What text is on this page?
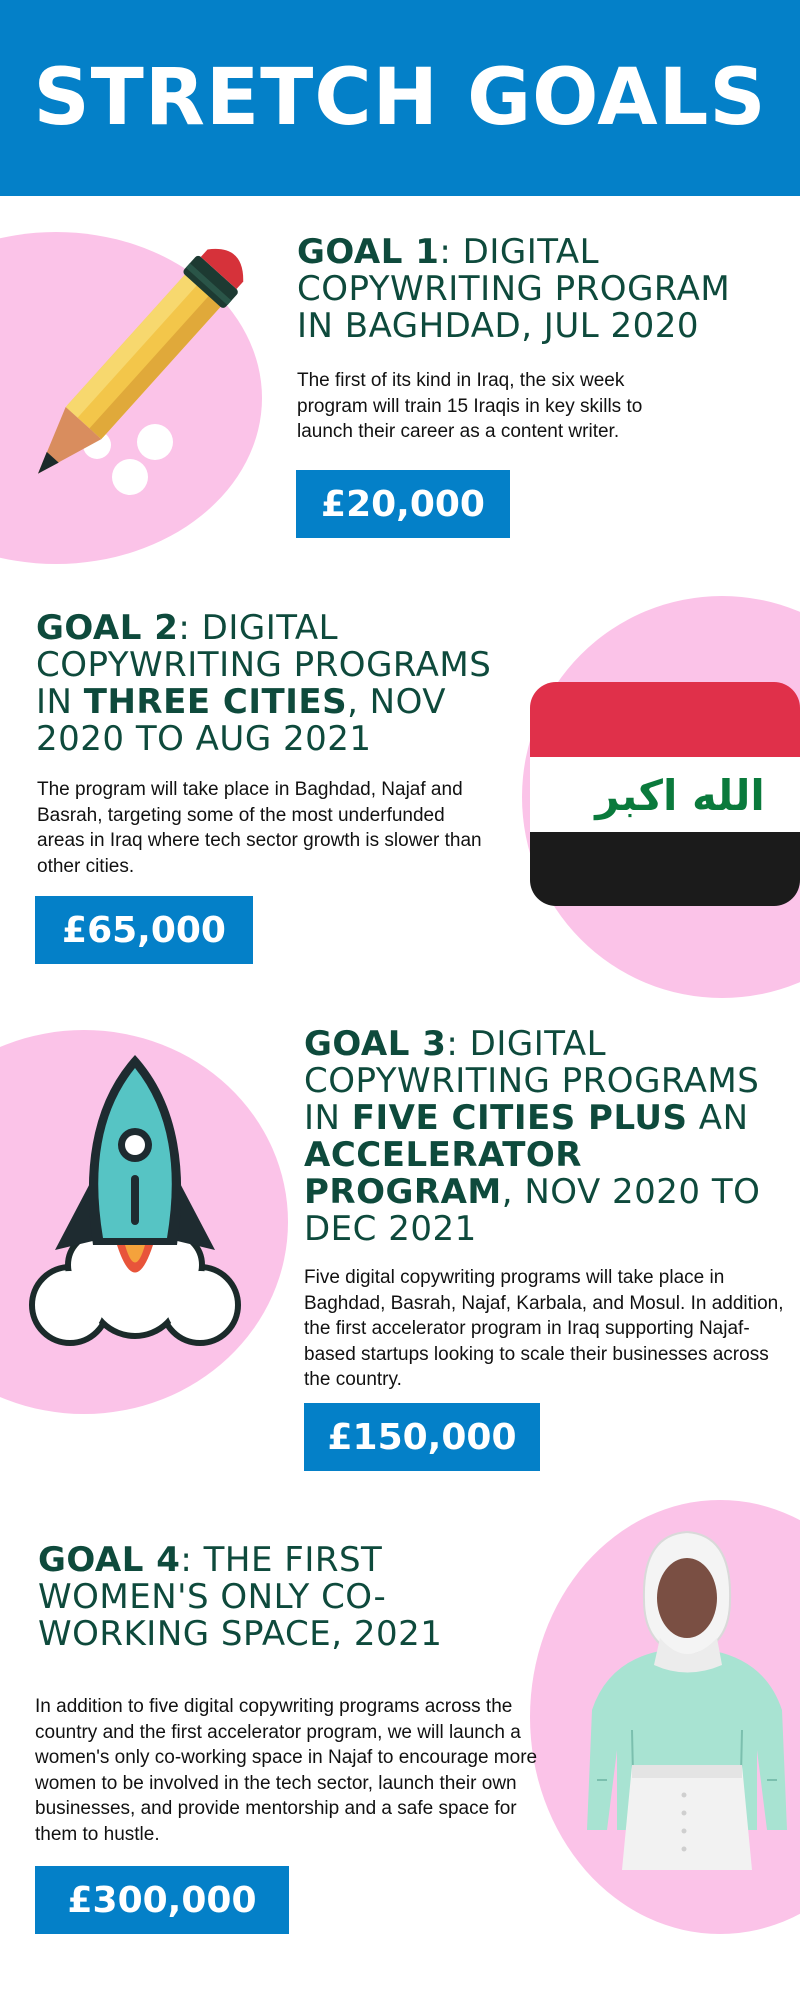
STRETCH GOALS
GOAL 1: DIGITAL COPYWRITING PROGRAM IN BAGHDAD, JUL 2020
The first of its kind in Iraq, the six week program will train 15 Iraqis in key skills to launch their career as a content writer.
£20,000
الله اكبر
GOAL 2: DIGITAL COPYWRITING PROGRAMS IN THREE CITIES, NOV 2020 TO AUG 2021
The program will take place in Baghdad, Najaf and Basrah, targeting some of the most underfunded areas in Iraq where tech sector growth is slower than other cities.
£65,000
GOAL 3: DIGITAL COPYWRITING PROGRAMS IN FIVE CITIES PLUS AN ACCELERATOR PROGRAM, NOV 2020 TO DEC 2021
Five digital copywriting programs will take place in Baghdad, Basrah, Najaf, Karbala, and Mosul. In addition, the first accelerator program in Iraq supporting Najaf-based startups looking to scale their businesses across the country.
£150,000
GOAL 4: THE FIRST WOMEN'S ONLY CO-WORKING SPACE, 2021
In addition to five digital copywriting programs across the country and the first accelerator program, we will launch a women's only co-working space in Najaf to encourage more women to be involved in the tech sector, launch their own businesses, and provide mentorship and a safe space for them to hustle.
£300,000
